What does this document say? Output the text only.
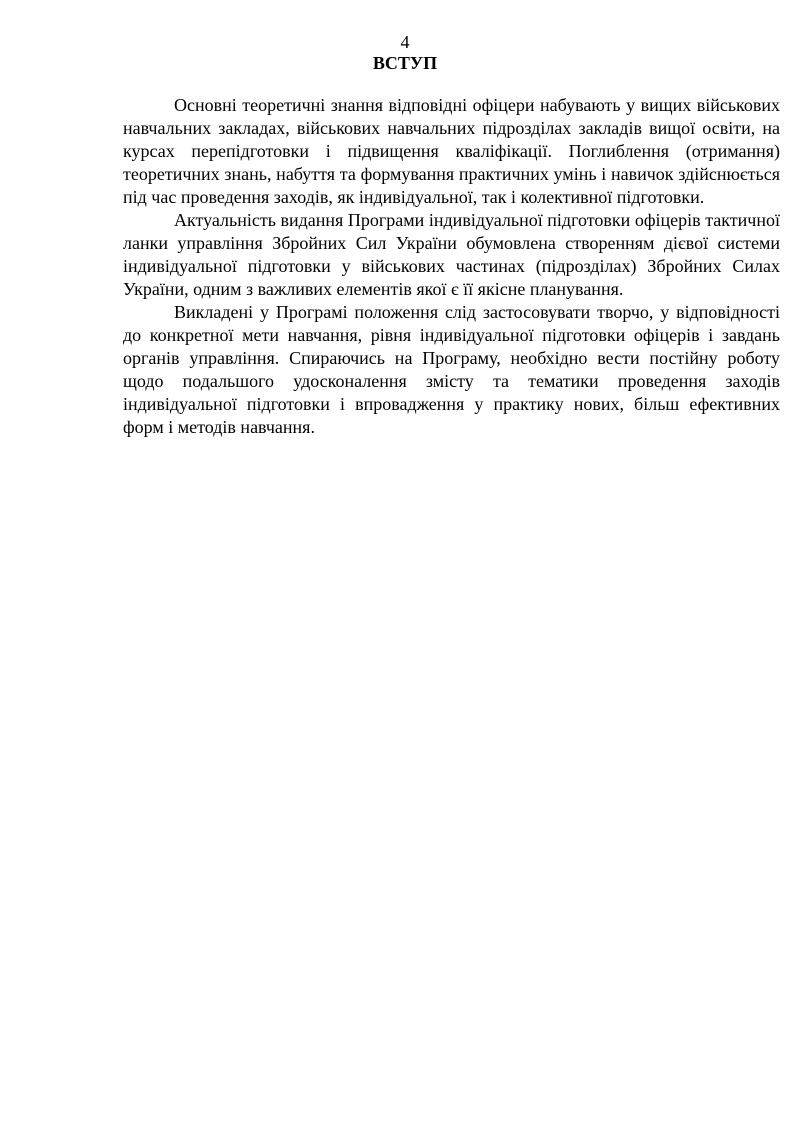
4
ВСТУП

Основні теоретичні знання відповідні офіцери набувають у вищих військових навчальних закладах, військових навчальних підрозділах закладів вищої освіти, на курсах перепідготовки і підвищення кваліфікації. Поглиблення (отримання) теоретичних знань, набуття та формування практичних умінь і навичок здійснюється під час проведення заходів, як індивідуальної, так і колективної підготовки.

Актуальність видання Програми індивідуальної підготовки офіцерів тактичної ланки управління Збройних Сил України обумовлена створенням дієвої системи індивідуальної підготовки у військових частинах (підрозділах) Збройних Силах України, одним з важливих елементів якої є її якісне планування.

Викладені у Програмі положення слід застосовувати творчо, у відповідності до конкретної мети навчання, рівня індивідуальної підготовки офіцерів і завдань органів управління. Спираючись на Програму, необхідно вести постійну роботу щодо подальшого удосконалення змісту та тематики проведення заходів індивідуальної підготовки і впровадження у практику нових, більш ефективних форм і методів навчання.
